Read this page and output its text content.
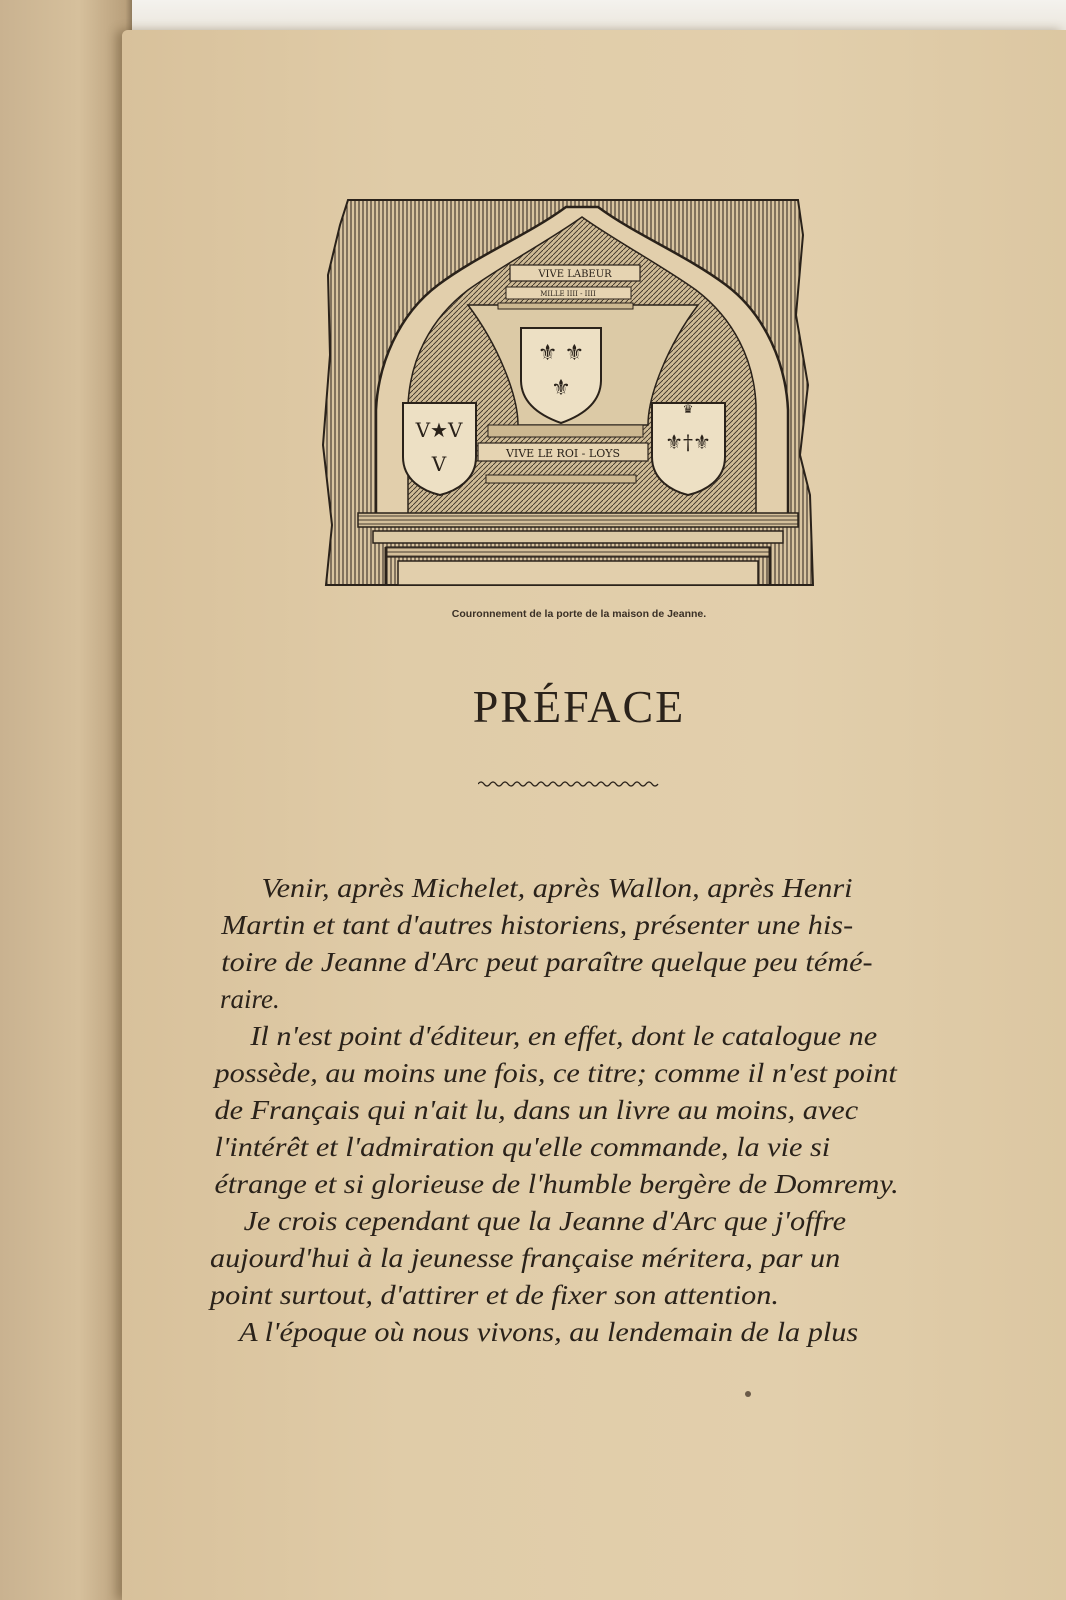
VIVE LABEUR
MILLE IIII - IIII
⚜ ⚜
⚜
V★V
V
⚜†⚜
♛
VIVE LE ROI - LOYS
Couronnement de la porte de la maison de Jeanne.
PRÉFACE
Venir, après Michelet, après Wallon, après Henri
Martin et tant d'autres historiens, présenter une his-
toire de Jeanne d'Arc peut paraître quelque peu témé-
raire.
Il n'est point d'éditeur, en effet, dont le catalogue ne
possède, au moins une fois, ce titre; comme il n'est point
de Français qui n'ait lu, dans un livre au moins, avec
l'intérêt et l'admiration qu'elle commande, la vie si
étrange et si glorieuse de l'humble bergère de Domremy.
Je crois cependant que la Jeanne d'Arc que j'offre
aujourd'hui à la jeunesse française méritera, par un
point surtout, d'attirer et de fixer son attention.
A l'époque où nous vivons, au lendemain de la plus
